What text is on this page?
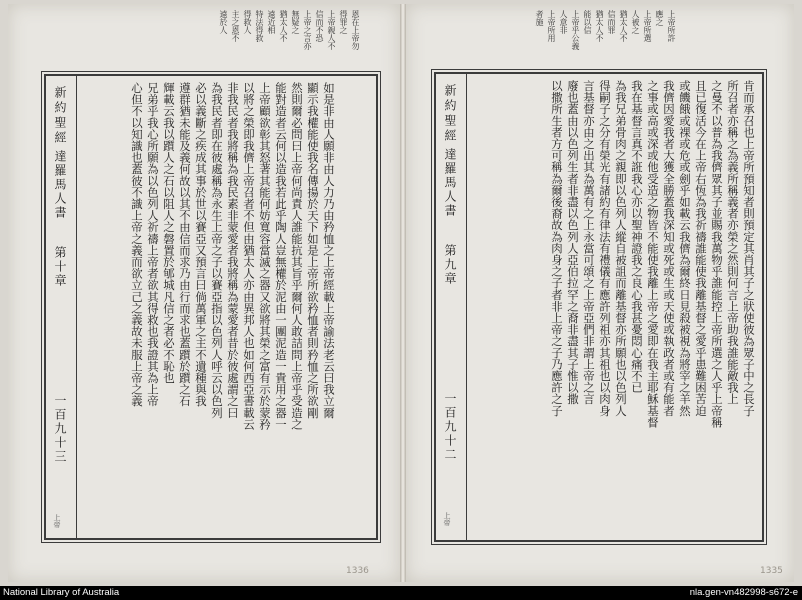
恩在上帝勿
得罪之
上帝親人不
信而不恐
上帝之言亦
無疑之
猶太人不
遠近相
特法得救
得救人
主之恩不
遠於人
如是非由人願非由人力乃由矜恤之上帝經載上帝諭法老云曰我立爾
顯示我權能使我名傳揚於天下如是上帝所欲矜恤者則矜恤之所欲剛
然則爾必問曰上帝何尚責人誰能抗其旨乎爾何人敢詰問上帝乎受造之
能對造者云何以造我若此乎陶人豈無權於泥由一團泥造一貴用之器一
上帝顧欲彰其怒著其能何妨寬容當滅之器又欲將其榮之富有示於蒙矜
以將之榮即我儕上帝召者不但由猶太人亦由異邦人也如何西亞書載云
非我民者我將稱為我民素非蒙愛者我將稱為蒙愛者昔於彼處謂之曰
為我民者即在彼處稱為永生上帝之子以賽亞指以色列人呼云以色列
必以義斷之疾成其事於世以賽亞又預言曰倘萬軍之主不遺種與我
遵群猶未能及義何故以其不由信而求乃由行而求也蓋躓於躓之石
輝載云我以躓人之石以阻人之磐置於郇城凡信之者必不恥也
兄弟乎我心所願為以色列人祈禱上帝者欲其得救也我證其為上帝
心但不以知識也蓋彼不識上帝之義而欲立己之義故未服上帝之義
新約聖經
達羅馬人書
第十章
一百九十三
上帝
1336
上帝所許
應之
上帝所選
人被之
猶太人不
信而罪
猶太人不
能以信
上帝乎公義
人意非
上帝所用
者施
肯而承召也上帝所預知者則預定其肖其子之狀使彼為眾子中之長子
所召者亦稱之為義所稱義者亦榮之然則何言上帝助我誰能敵我上
之曼不以普為我儕眾其子並賜我萬物乎誰能控上帝所選之人乎上帝稱
且已復活今在上帝右恆為我祈禱誰能使我離基督之愛乎患難困苦迫
或饑餓或裸或危或劍乎如載云我儕為爾終日見殺被視為將宰之羊然
我儕因愛我者大獲全勝蓋我深知或死或生或天使或執政者或有能者
之事或高或深或他受造之物皆不能使我離上帝之愛即在我主耶穌基督
我在基督言真不誑我心亦以聖神證我之良心我甚憂悶心痛不已
為我兄弟骨肉之親即以色列人縱自被詛而離基督亦所願也以色列人
得嗣子之分有榮光有諸約有律法有禮儀有應許列祖亦其祖也以肉身
言基督亦由之出其為萬有之上永當可頌之上帝亞們非謂上帝之言
廢也蓋由以色列生者非盡以色列人亞伯拉罕之裔非盡其子惟以撒
以撒所生者方可稱為爾後裔故為肉身之子者非上帝之子乃應許之子
新約聖經
達羅馬人書
第九章
一百九十二
上帝
1335
National Library of Australia	nla.gen-vn482998-s672-e
